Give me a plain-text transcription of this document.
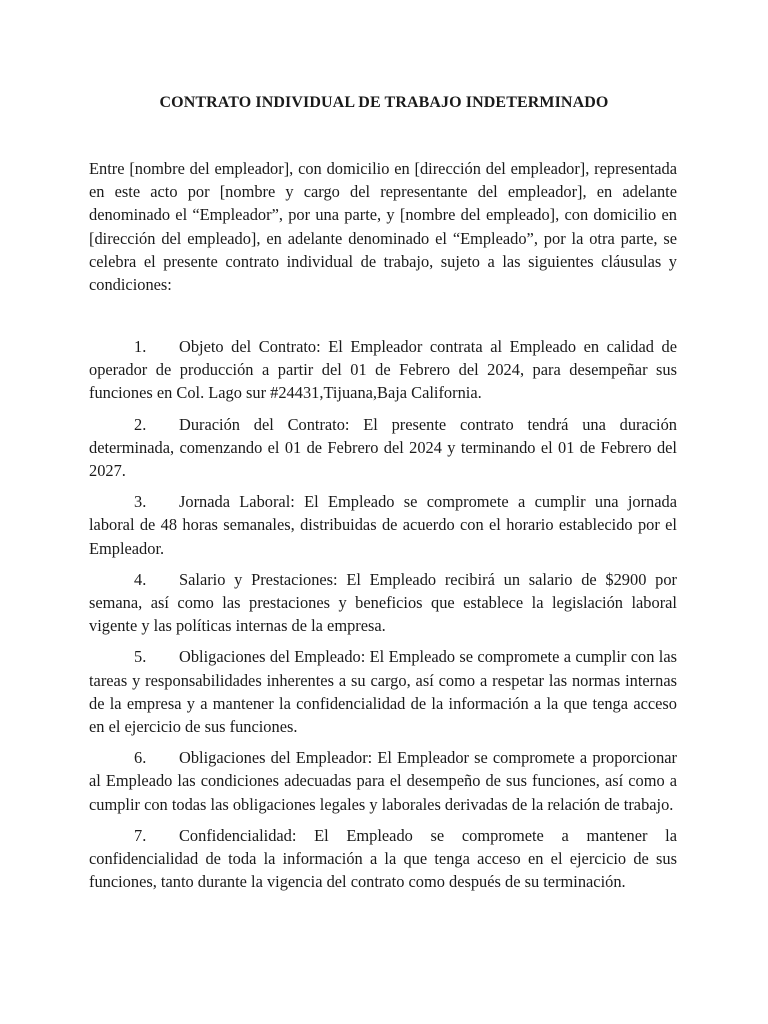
CONTRATO INDIVIDUAL DE TRABAJO INDETERMINADO

Entre [nombre del empleador], con domicilio en [dirección del empleador], representada en este acto por [nombre y cargo del representante del empleador], en adelante denominado el “Empleador”, por una parte, y [nombre del empleado], con domicilio en [dirección del empleado], en adelante denominado el “Empleado”, por la otra parte, se celebra el presente contrato individual de trabajo, sujeto a las siguientes cláusulas y condiciones:

1. Objeto del Contrato: El Empleador contrata al Empleado en calidad de operador de producción a partir del 01 de Febrero del 2024, para desempeñar sus funciones en Col. Lago sur #24431,Tijuana,Baja California.
2. Duración del Contrato: El presente contrato tendrá una duración determinada, comenzando el 01 de Febrero del 2024 y terminando el 01 de Febrero del 2027.
3. Jornada Laboral: El Empleado se compromete a cumplir una jornada laboral de 48 horas semanales, distribuidas de acuerdo con el horario establecido por el Empleador.
4. Salario y Prestaciones: El Empleado recibirá un salario de $2900 por semana, así como las prestaciones y beneficios que establece la legislación laboral vigente y las políticas internas de la empresa.
5. Obligaciones del Empleado: El Empleado se compromete a cumplir con las tareas y responsabilidades inherentes a su cargo, así como a respetar las normas internas de la empresa y a mantener la confidencialidad de la información a la que tenga acceso en el ejercicio de sus funciones.
6. Obligaciones del Empleador: El Empleador se compromete a proporcionar al Empleado las condiciones adecuadas para el desempeño de sus funciones, así como a cumplir con todas las obligaciones legales y laborales derivadas de la relación de trabajo.
7. Confidencialidad: El Empleado se compromete a mantener la confidencialidad de toda la información a la que tenga acceso en el ejercicio de sus funciones, tanto durante la vigencia del contrato como después de su terminación.
